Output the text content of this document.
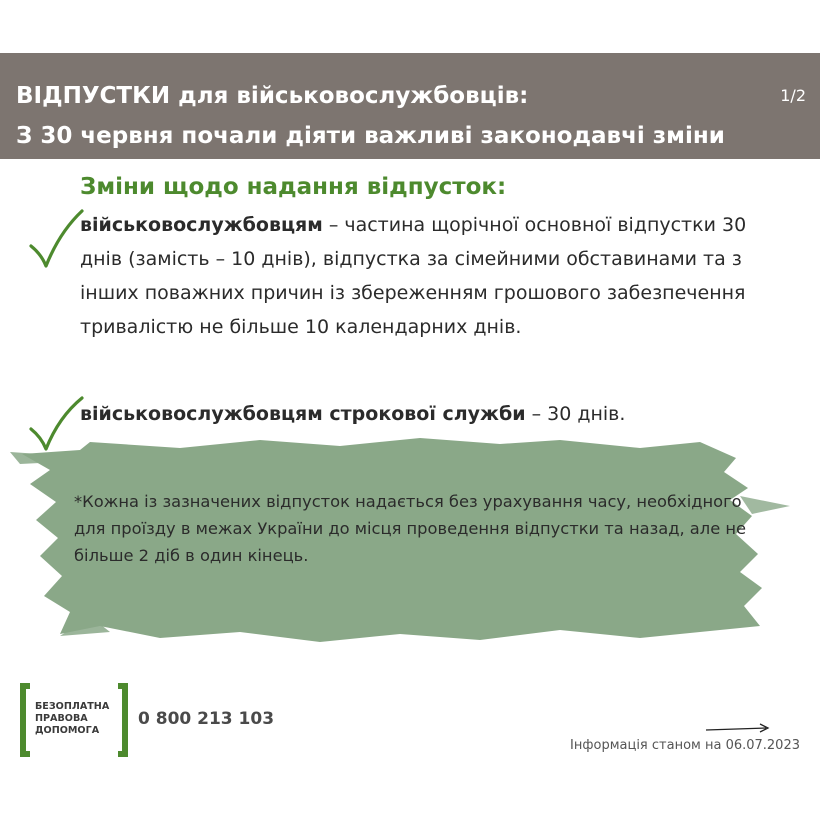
ВІДПУСТКИ для військовослужбовців:
З 30 червня почали діяти важливі законодавчі зміни
1/2
Зміни щодо надання відпусток:
військовослужбовцям – частина щорічної основної відпустки 30 днів (замість – 10 днів), відпустка за сімейними обставинами та з інших поважних причин із збереженням грошового забезпечення тривалістю не більше 10 календарних днів.
військовослужбовцям строкової служби – 30 днів.
*Кожна із зазначених відпусток надається без урахування часу, необхідного для проїзду в межах України до місця проведення відпустки та назад, але не більше 2 діб в один кінець.
БЕЗОПЛАТНА
ПРАВОВА
ДОПОМОГА
0 800 213 103
Інформація станом на 06.07.2023
